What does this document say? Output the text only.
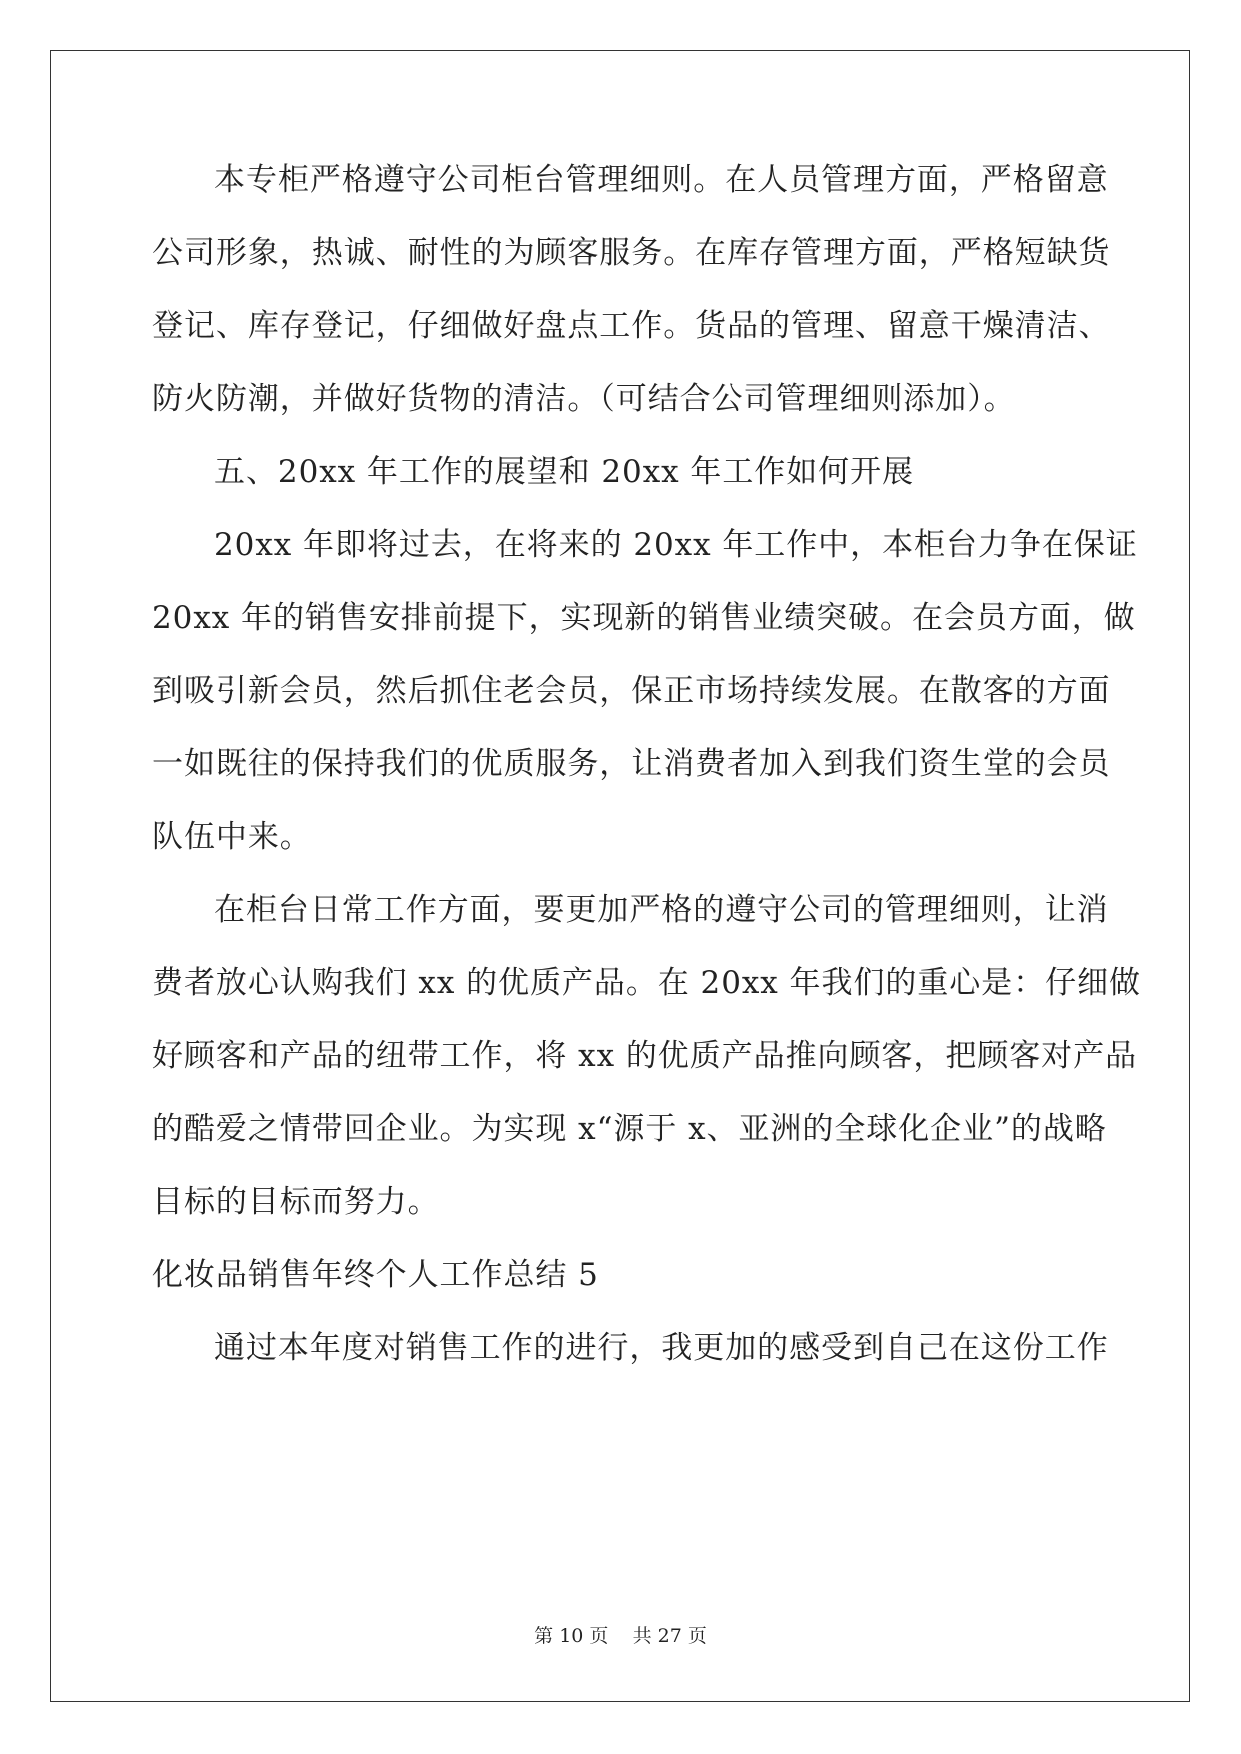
本专柜严格遵守公司柜台管理细则。在人员管理方面，严格留意
公司形象，热诚、耐性的为顾客服务。在库存管理方面，严格短缺货
登记、库存登记，仔细做好盘点工作。货品的管理、留意干燥清洁、
防火防潮，并做好货物的清洁。（可结合公司管理细则添加）。
五、20xx 年工作的展望和 20xx 年工作如何开展
20xx 年即将过去，在将来的 20xx 年工作中，本柜台力争在保证
20xx 年的销售安排前提下，实现新的销售业绩突破。在会员方面，做
到吸引新会员，然后抓住老会员，保正市场持续发展。在散客的方面
一如既往的保持我们的优质服务，让消费者加入到我们资生堂的会员
队伍中来。
在柜台日常工作方面，要更加严格的遵守公司的管理细则，让消
费者放心认购我们 xx 的优质产品。在 20xx 年我们的重心是：仔细做
好顾客和产品的纽带工作，将 xx 的优质产品推向顾客，把顾客对产品
的酷爱之情带回企业。为实现 x“源于 x、亚洲的全球化企业”的战略
目标的目标而努力。
化妆品销售年终个人工作总结 5
通过本年度对销售工作的进行，我更加的感受到自己在这份工作
第 10 页    共 27 页
